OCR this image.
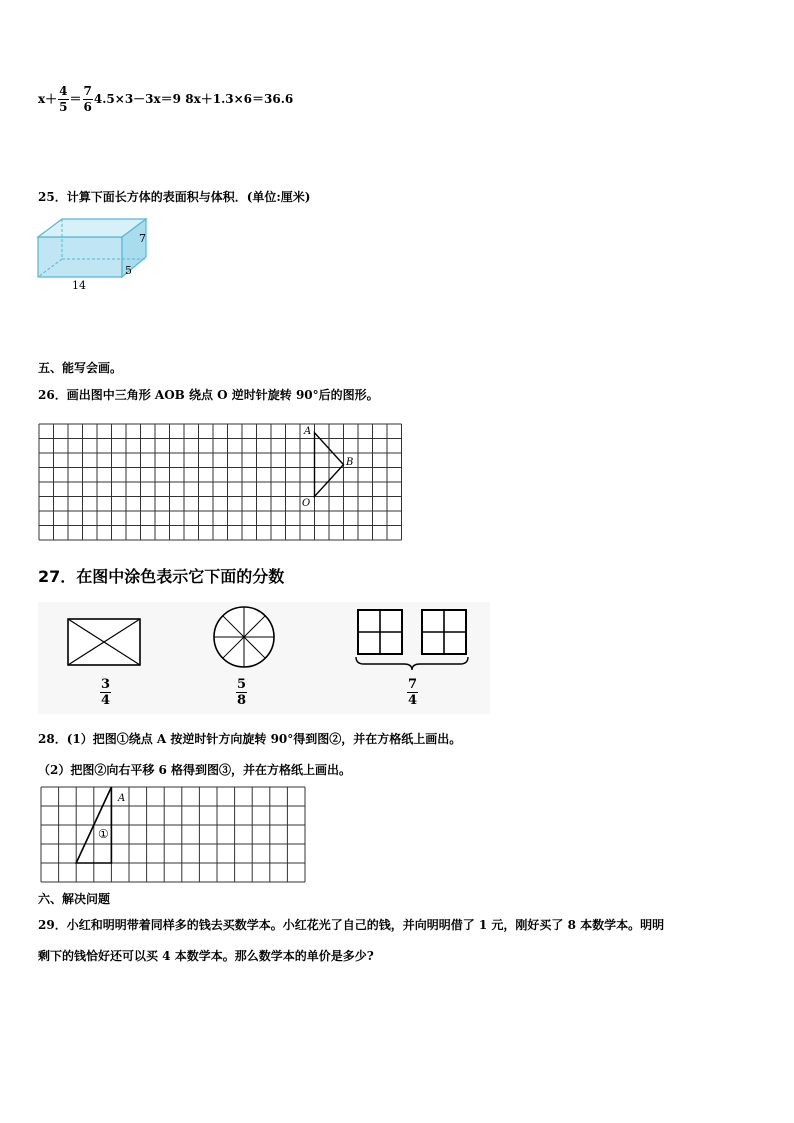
$x+ \frac{4}{5} = \frac{7}{6} 4.5\times 3-3x=9$ 8x＋1.3×6＝36.6
25．计算下面长方体的表面积与体积．(单位:厘米)
7
5
14
五、能写会画。
26．画出图中三角形 AOB 绕点 O 逆时针旋转 90°后的图形。
A
B
O
27．在图中涂色表示它下面的分数
$\frac{3}{4}$	$\frac{5}{8}$	$\frac{7}{4}$
28．(1）把图①绕点 A 按逆时针方向旋转 90°得到图②，并在方格纸上画出。
（2）把图②向右平移 6 格得到图③，并在方格纸上画出。
A
①
六、解决问题
29．小红和明明带着同样多的钱去买数学本。小红花光了自己的钱，并向明明借了 1 元，刚好买了 8 本数学本。明明
剩下的钱恰好还可以买 4 本数学本。那么数学本的单价是多少?
